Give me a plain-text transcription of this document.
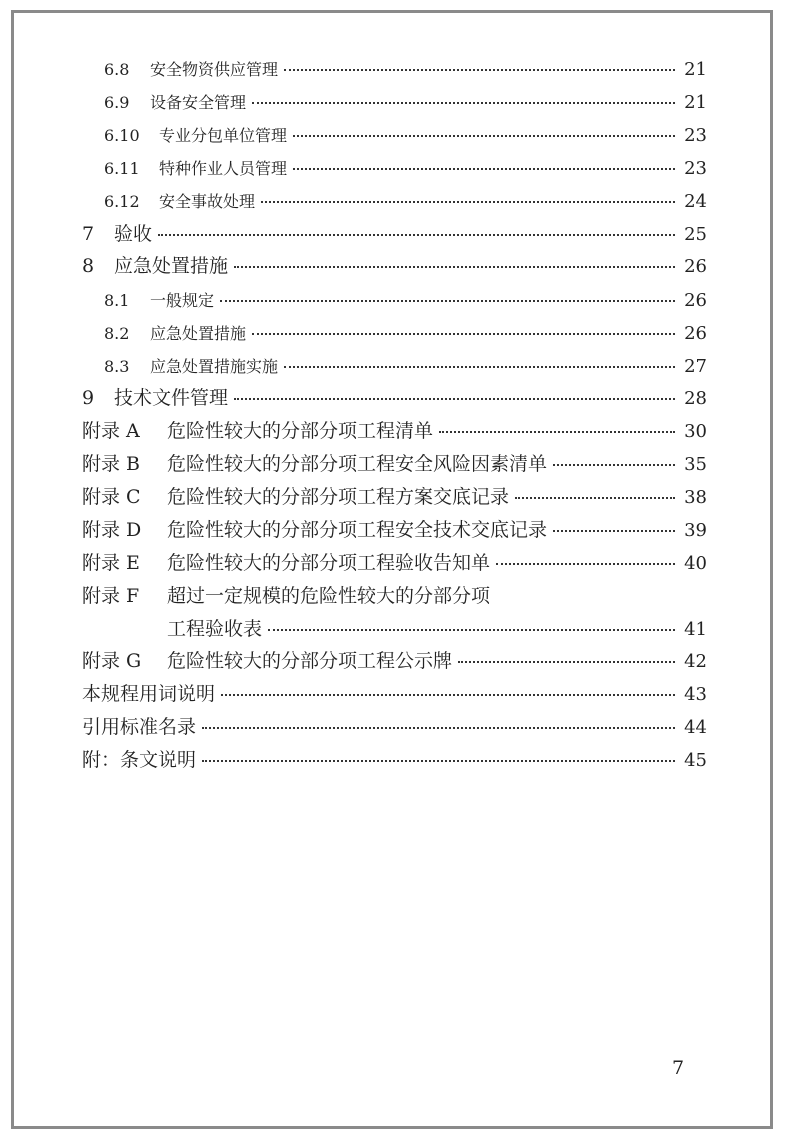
6.8	安全物资供应管理	21
6.9	设备安全管理	21
6.10	专业分包单位管理	23
6.11	特种作业人员管理	23
6.12	安全事故处理	24
7	验收	25
8	应急处置措施	26
8.1	一般规定	26
8.2	应急处置措施	26
8.3	应急处置措施实施	27
9	技术文件管理	28
附录 A	危险性较大的分部分项工程清单	30
附录 B	危险性较大的分部分项工程安全风险因素清单	35
附录 C	危险性较大的分部分项工程方案交底记录	38
附录 D	危险性较大的分部分项工程安全技术交底记录	39
附录 E	危险性较大的分部分项工程验收告知单	40
附录 F	超过一定规模的危险性较大的分部分项
工程验收表	41
附录 G	危险性较大的分部分项工程公示牌	42
本规程用词说明	43
引用标准名录	44
附：条文说明	45
7
